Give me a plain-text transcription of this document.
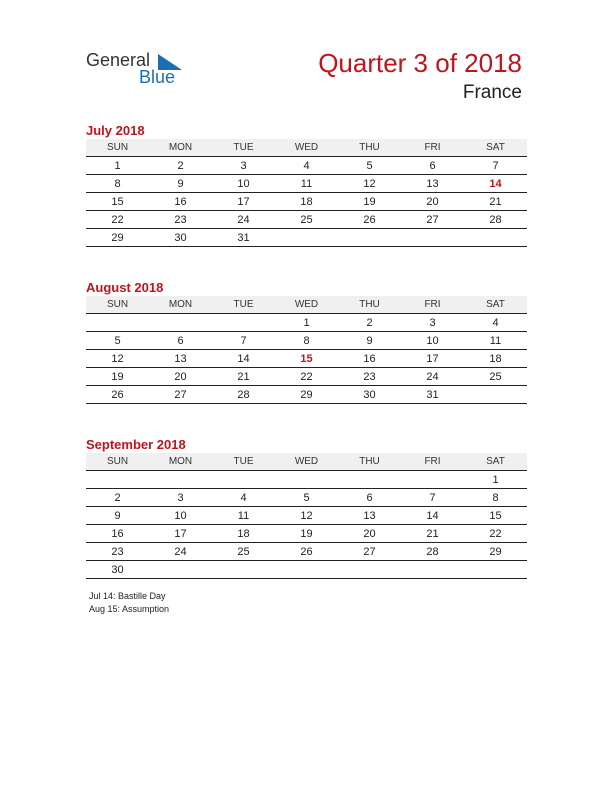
General
Blue	Quarter 3 of 2018
France
July 2018
SUN	MON	TUE	WED	THU	FRI	SAT
1	2	3	4	5	6	7
8	9	10	11	12	13	14
15	16	17	18	19	20	21
22	23	24	25	26	27	28
29	30	31				
August 2018
SUN	MON	TUE	WED	THU	FRI	SAT
			1	2	3	4
5	6	7	8	9	10	11
12	13	14	15	16	17	18
19	20	21	22	23	24	25
26	27	28	29	30	31	
September 2018
SUN	MON	TUE	WED	THU	FRI	SAT
						1
2	3	4	5	6	7	8
9	10	11	12	13	14	15
16	17	18	19	20	21	22
23	24	25	26	27	28	29
30						
Jul 14: Bastille Day
Aug 15: Assumption
